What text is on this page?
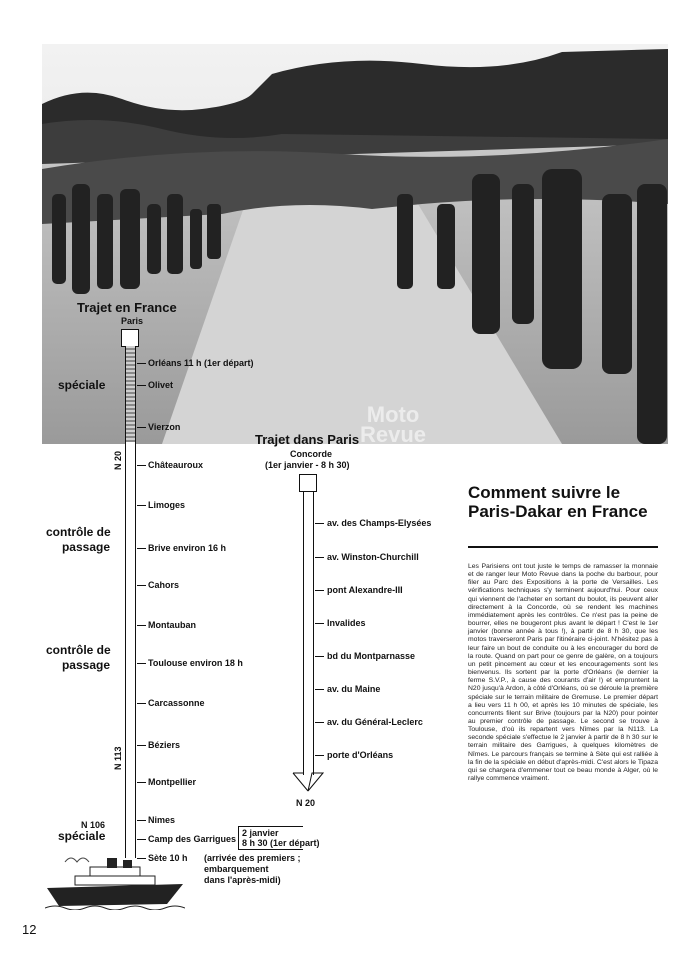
Moto
Revue
HD
Trajet en France
Paris
spéciale
contrôle de
passage
contrôle de
passage
spéciale
N 20
N 113
N 106
Orléans 11 h (1er départ)
Olivet
Vierzon
Châteauroux
Limoges
Brive environ 16 h
Cahors
Montauban
Toulouse environ 18 h
Carcassonne
Béziers
Montpellier
Nimes
Camp des Garrigues
Sète 10 h
2 janvier
8 h 30 (1er départ)
(arrivée des premiers ;
embarquement
dans l'après-midi)
Trajet dans Paris
Concorde
(1er janvier - 8 h 30)
av. des Champs-Elysées
av. Winston-Churchill
pont Alexandre-III
Invalides
bd du Montparnasse
av. du Maine
av. du Général-Leclerc
porte d'Orléans
N 20
Comment suivre le Paris-Dakar en France
Les Parisiens ont tout juste le temps de ramasser la monnaie et de ranger leur Moto Revue dans la poche du barbour, pour filer au Parc des Expositions à la porte de Versailles. Les vérifications techniques s'y terminent aujourd'hui. Pour ceux qui viennent de l'acheter en sortant du boulot, ils peuvent aller directement à la Concorde, où se rendent les machines immédiatement après les contrôles. Ce n'est pas la peine de bourrer, elles ne bougeront plus avant le départ ! C'est le 1er janvier (bonne année à tous !), à partir de 8 h 30, que les motos traverseront Paris par l'itinéraire ci-joint. N'hésitez pas à leur faire un bout de conduite ou à les encourager du bord de la route. Quand on part pour ce genre de galère, on a toujours un petit pincement au cœur et les encouragements sont les bienvenus. Ils sortent par la porte d'Orléans (le dernier la ferme S.V.P., à cause des courants d'air !) et empruntent la N20 jusqu'à Ardon, à côté d'Orléans, où se déroule la première spéciale sur le terrain militaire de Gremuse. Le premier départ a lieu vers 11 h 00, et après les 10 minutes de spéciale, les concurrents filent sur Brive (toujours par la N20) pour pointer au premier contrôle de passage. Le second se trouve à Toulouse, d'où ils repartent vers Nîmes par la N113. La seconde spéciale s'effectue le 2 janvier à partir de 8 h 30 sur le terrain militaire des Garrigues, à quelques kilomètres de Nîmes. Le parcours français se termine à Sète qui est ralliée à la fin de la spéciale en début d'après-midi. C'est alors le Tipaza qui se chargera d'emmener tout ce beau monde à Alger, où le rallye commence vraiment.
12
